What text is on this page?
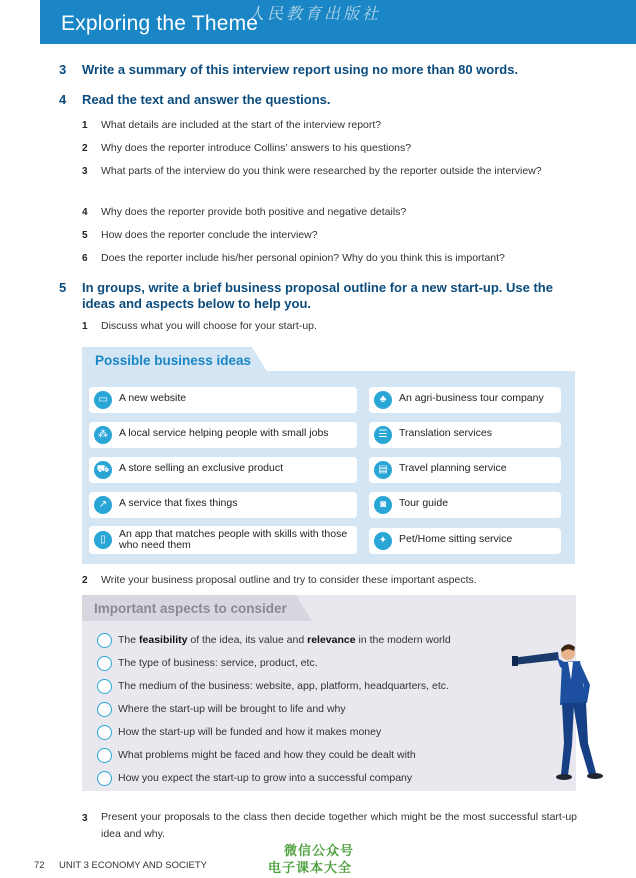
Exploring the Theme
人民教育出版社
3 Write a summary of this interview report using no more than 80 words.
4 Read the text and answer the questions.
1 What details are included at the start of the interview report?
2 Why does the reporter introduce Collins’ answers to his questions?
3 What parts of the interview do you think were researched by the reporter outside the interview?
4 Why does the reporter provide both positive and negative details?
5 How does the reporter conclude the interview?
6 Does the reporter include his/her personal opinion? Why do you think this is important?
5 In groups, write a brief business proposal outline for a new start-up. Use the ideas and aspects below to help you.
1 Discuss what you will choose for your start-up.
Possible business ideas
▭	A new website
⁂	A local service helping people with small jobs
⛟ A store selling an exclusive product
↗	A service that fixes things
▯	An app that matches people with skills with those who need them
♣	An agri-business tour company
☰	Translation services
▤	Travel planning service
◙	Tour guide
✦	Pet/Home sitting service
2 Write your business proposal outline and try to consider these important aspects.
Important aspects to consider
The feasibility of the idea, its value and relevance in the modern world
The type of business: service, product, etc.
The medium of the business: website, app, platform, headquarters, etc.
Where the start-up will be brought to life and why
How the start-up will be funded and how it makes money
What problems might be faced and how they could be dealt with
How you expect the start-up to grow into a successful company
3 Present your proposals to the class then decide together which might be the most successful start-up idea and why.
72 UNIT 3 ECONOMY AND SOCIETY
微信公众号
电子课本大全
